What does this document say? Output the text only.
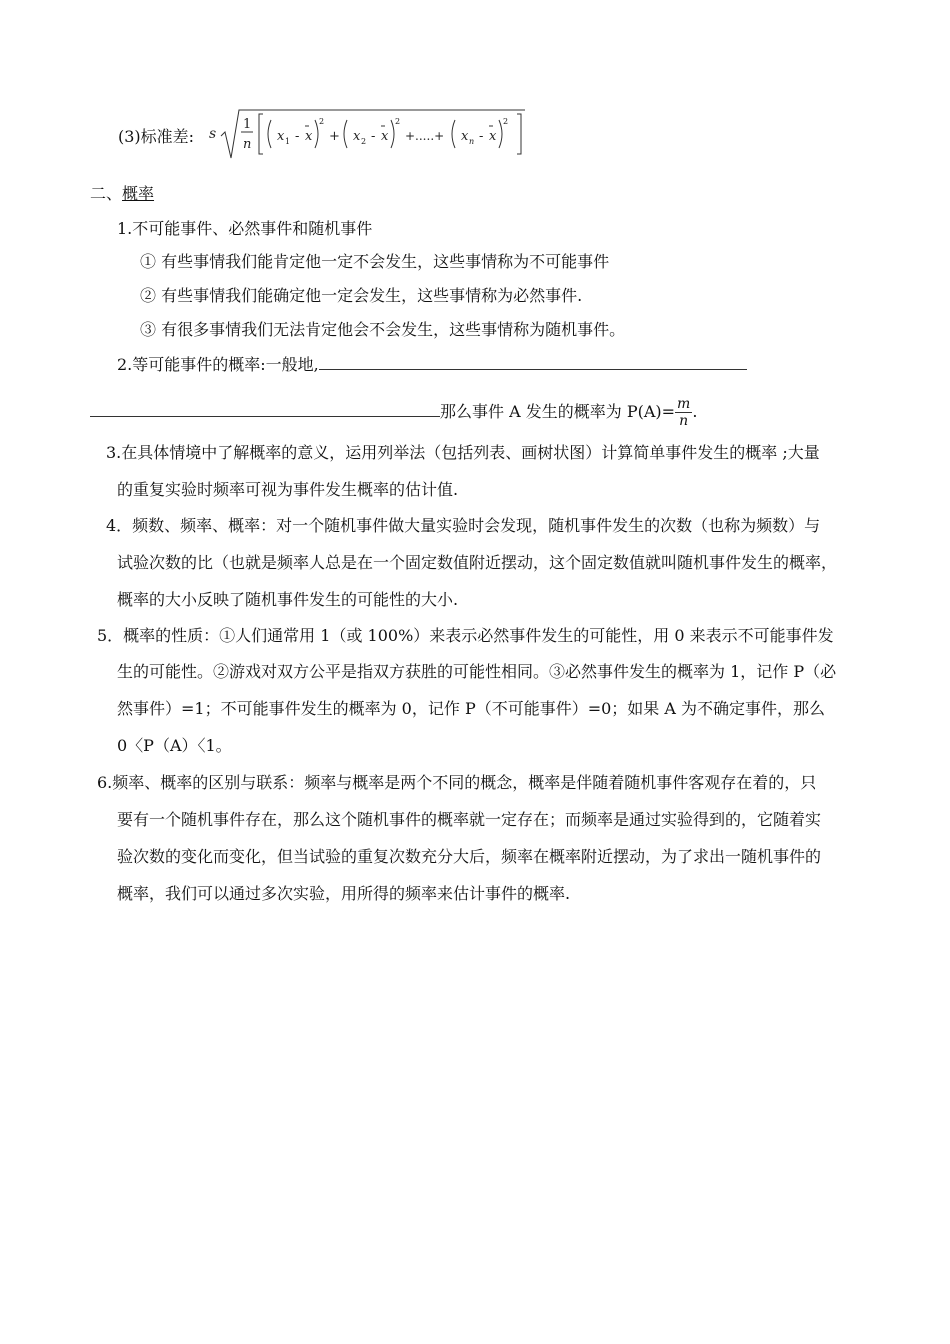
(3)标准差: s
1
n
x 1 - x
2
+ x 2 - x
2
+.....+ x n - x
2
二、概率
1.不可能事件、必然事件和随机事件
① 有些事情我们能肯定他一定不会发生，这些事情称为不可能事件
② 有些事情我们能确定他一定会发生，这些事情称为必然事件.
③ 有很多事情我们无法肯定他会不会发生，这些事情称为随机事件。
2.等可能事件的概率:一般地,
那么事件 A 发生的概率为 $P(A)= \frac{m}{n}$ .
3.在具体情境中了解概率的意义，运用列举法（包括列表、画树状图）计算简单事件发生的概率 ;大量
的重复实验时频率可视为事件发生概率的估计值.
4．频数、频率、概率：对一个随机事件做大量实验时会发现，随机事件发生的次数（也称为频数）与
试验次数的比（也就是频率人总是在一个固定数值附近摆动，这个固定数值就叫随机事件发生的概率，
概率的大小反映了随机事件发生的可能性的大小.
5．概率的性质：①人们通常用 1（或 100%）来表示必然事件发生的可能性，用 0 来表示不可能事件发
生的可能性。②游戏对双方公平是指双方获胜的可能性相同。③必然事件发生的概率为 1，记作 P（必
然事件）=1；不可能事件发生的概率为 0，记作 P（不可能事件）=0；如果 A 为不确定事件，那么
0〈P（A）〈1。
6.频率、概率的区别与联系：频率与概率是两个不同的概念，概率是伴随着随机事件客观存在着的，只
要有一个随机事件存在，那么这个随机事件的概率就一定存在；而频率是通过实验得到的，它随着实
验次数的变化而变化，但当试验的重复次数充分大后，频率在概率附近摆动，为了求出一随机事件的
概率，我们可以通过多次实验，用所得的频率来估计事件的概率.
